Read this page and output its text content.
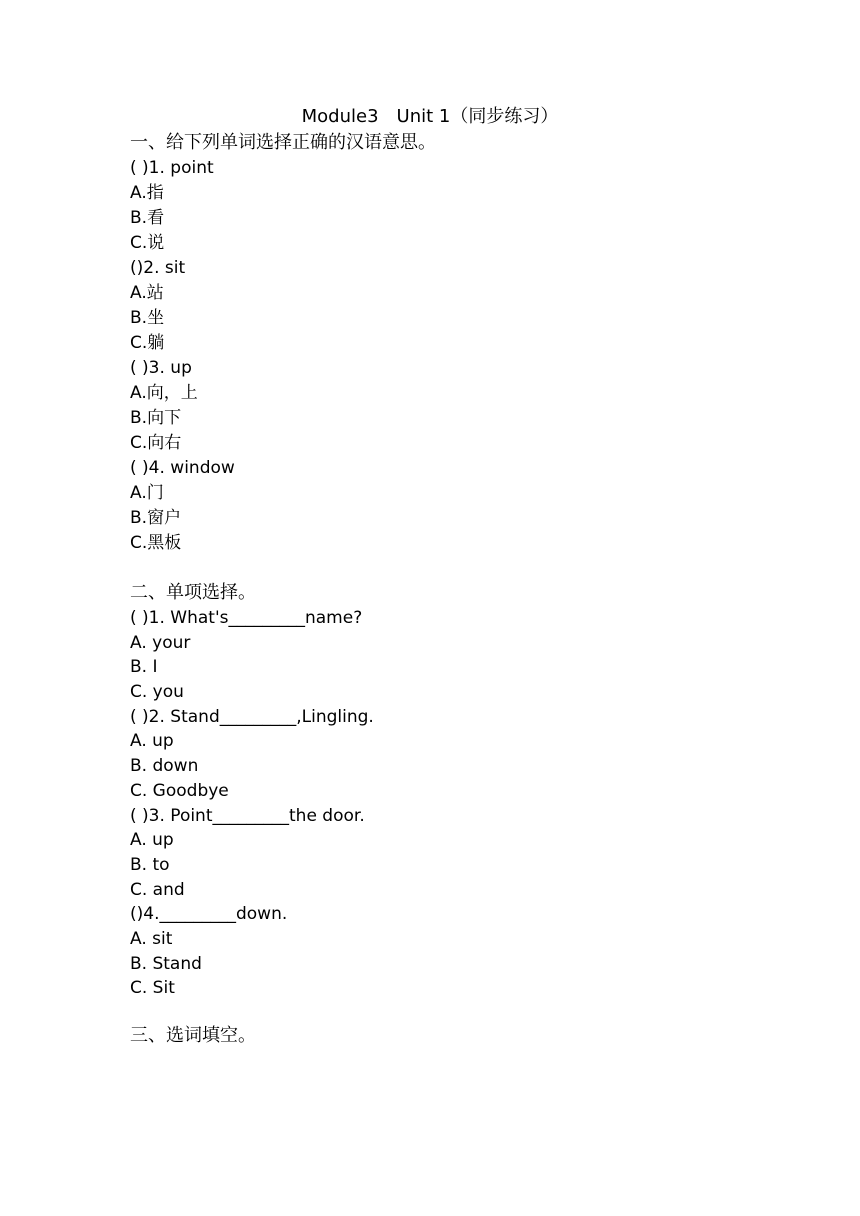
Module3　Unit 1（同步练习）
一、给下列单词选择正确的汉语意思。
( )1. point
A.指
B.看
C.说
()2. sit
A.站
B.坐
C.躺
( )3. up
A.向，上
B.向下
C.向右
( )4. window
A.门
B.窗户
C.黑板
二、单项选择。
( )1. What's_________name?
A. your
B. I
C. you
( )2. Stand_________,Lingling.
A. up
B. down
C. Goodbye
( )3. Point_________the door.
A. up
B. to
C. and
()4._________down.
A. sit
B. Stand
C. Sit
三、选词填空。
